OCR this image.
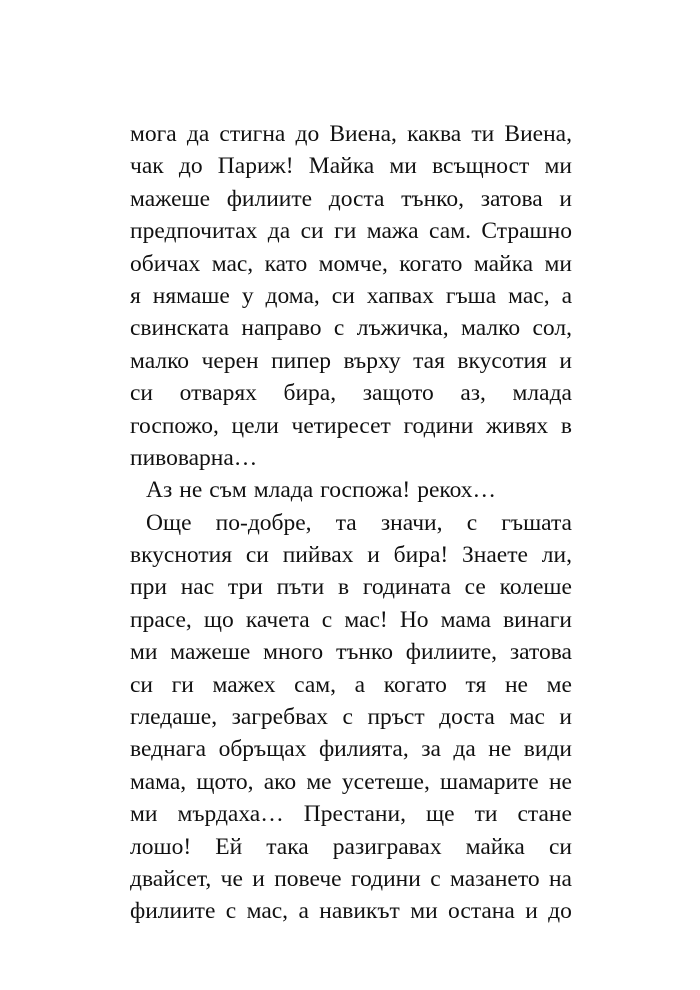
мога да стигна до Виена, каква ти Виена,
чак до Париж! Майка ми всъщност ми
мажеше филиите доста тънко, затова и
предпочитах да си ги мажа сам. Страшно
обичах мас, като момче, когато майка ми
я нямаше у дома, си хапвах гъша мас, а
свинската направо с лъжичка, малко сол,
малко черен пипер върху тая вкусотия и
си отварях бира, защото аз, млада
госпожо, цели четиресет години живях в
пивоварна…
Аз не съм млада госпожа! рекох…
Още по-добре, та значи, с гъшата
вкуснотия си пийвах и бира! Знаете ли,
при нас три пъти в годината се колеше
прасе, що качета с мас! Но мама винаги
ми мажеше много тънко филиите, затова
си ги мажех сам, а когато тя не ме
гледаше, загребвах с пръст доста мас и
веднага обръщах филията, за да не види
мама, щото, ако ме усетеше, шамарите не
ми мърдаха… Престани, ще ти стане
лошо! Ей така разигравах майка си
двайсет, че и повече години с мазането на
филиите с мас, а навикът ми остана и до
